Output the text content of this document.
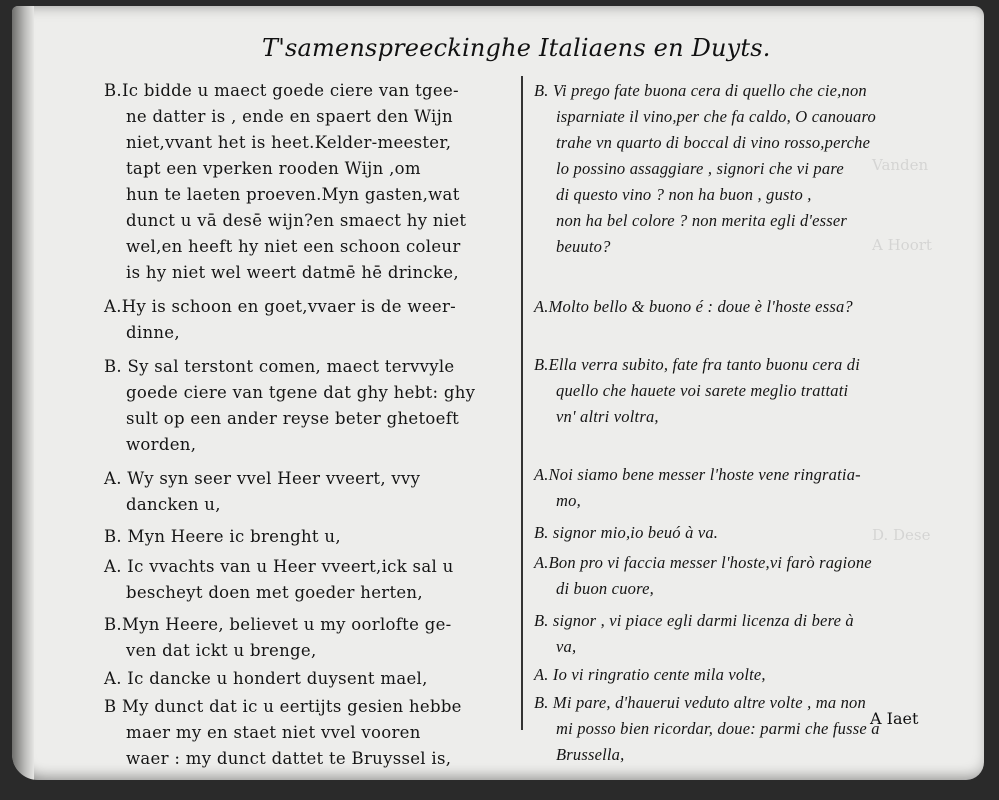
Vanden
A Hoort
D. Dese
T'samenspreeckinghe Italiaens en Duyts.
B.Ic bidde u maect goede ciere van tgee-
ne datter is , ende en spaert den Wijn
niet,vvant het is heet.Kelder-meester,
tapt een vperken rooden Wijn ,om
hun te laeten proeven.Myn gasten,wat
dunct u vā desē wijn?en smaect hy niet
wel,en heeft hy niet een schoon coleur
is hy niet wel weert datmē hē drincke,
A.Hy is schoon en goet,vvaer is de weer-
dinne,
B. Sy sal terstont comen, maect tervvyle
goede ciere van tgene dat ghy hebt: ghy
sult op een ander reyse beter ghetoeft
worden,
A. Wy syn seer vvel Heer vveert, vvy
dancken u,
B. Myn Heere ic brenght u,
A. Ic vvachts van u Heer vveert,ick sal u
bescheyt doen met goeder herten,
B.Myn Heere, believet u my oorlofte ge-
ven dat ickt u brenge,
A. Ic dancke u hondert duysent mael,
B My dunct dat ic u eertijts gesien hebbe
maer my en staet niet vvel vooren
waer : my dunct dattet te Bruyssel is,
B. Vi prego fate buona cera di quello che cie,non
isparniate il vino,per che fa caldo, O canouaro
trahe vn quarto di boccal di vino rosso,perche
lo possino assaggiare , signori che vi pare
di questo vino ? non ha buon , gusto ,
non ha bel colore ? non merita egli d'esser
beuuto?
A.Molto bello & buono é : doue è l'hoste essa?
B.Ella verra subito, fate fra tanto buonu cera di
quello che hauete voi sarete meglio trattati
vn' altri voltra,
A.Noi siamo bene messer l'hoste vene ringratia-
mo,
B. signor mio,io beuó à va.
A.Bon pro vi faccia messer l'hoste,vi farò ragione
di buon cuore,
B. signor , vi piace egli darmi licenza di bere à
va,
A. Io vi ringratio cente mila volte,
B. Mi pare, d'hauerui veduto altre volte , ma non
mi posso bien ricordar, doue: parmi che fusse a
Brussella,
A Iaet
